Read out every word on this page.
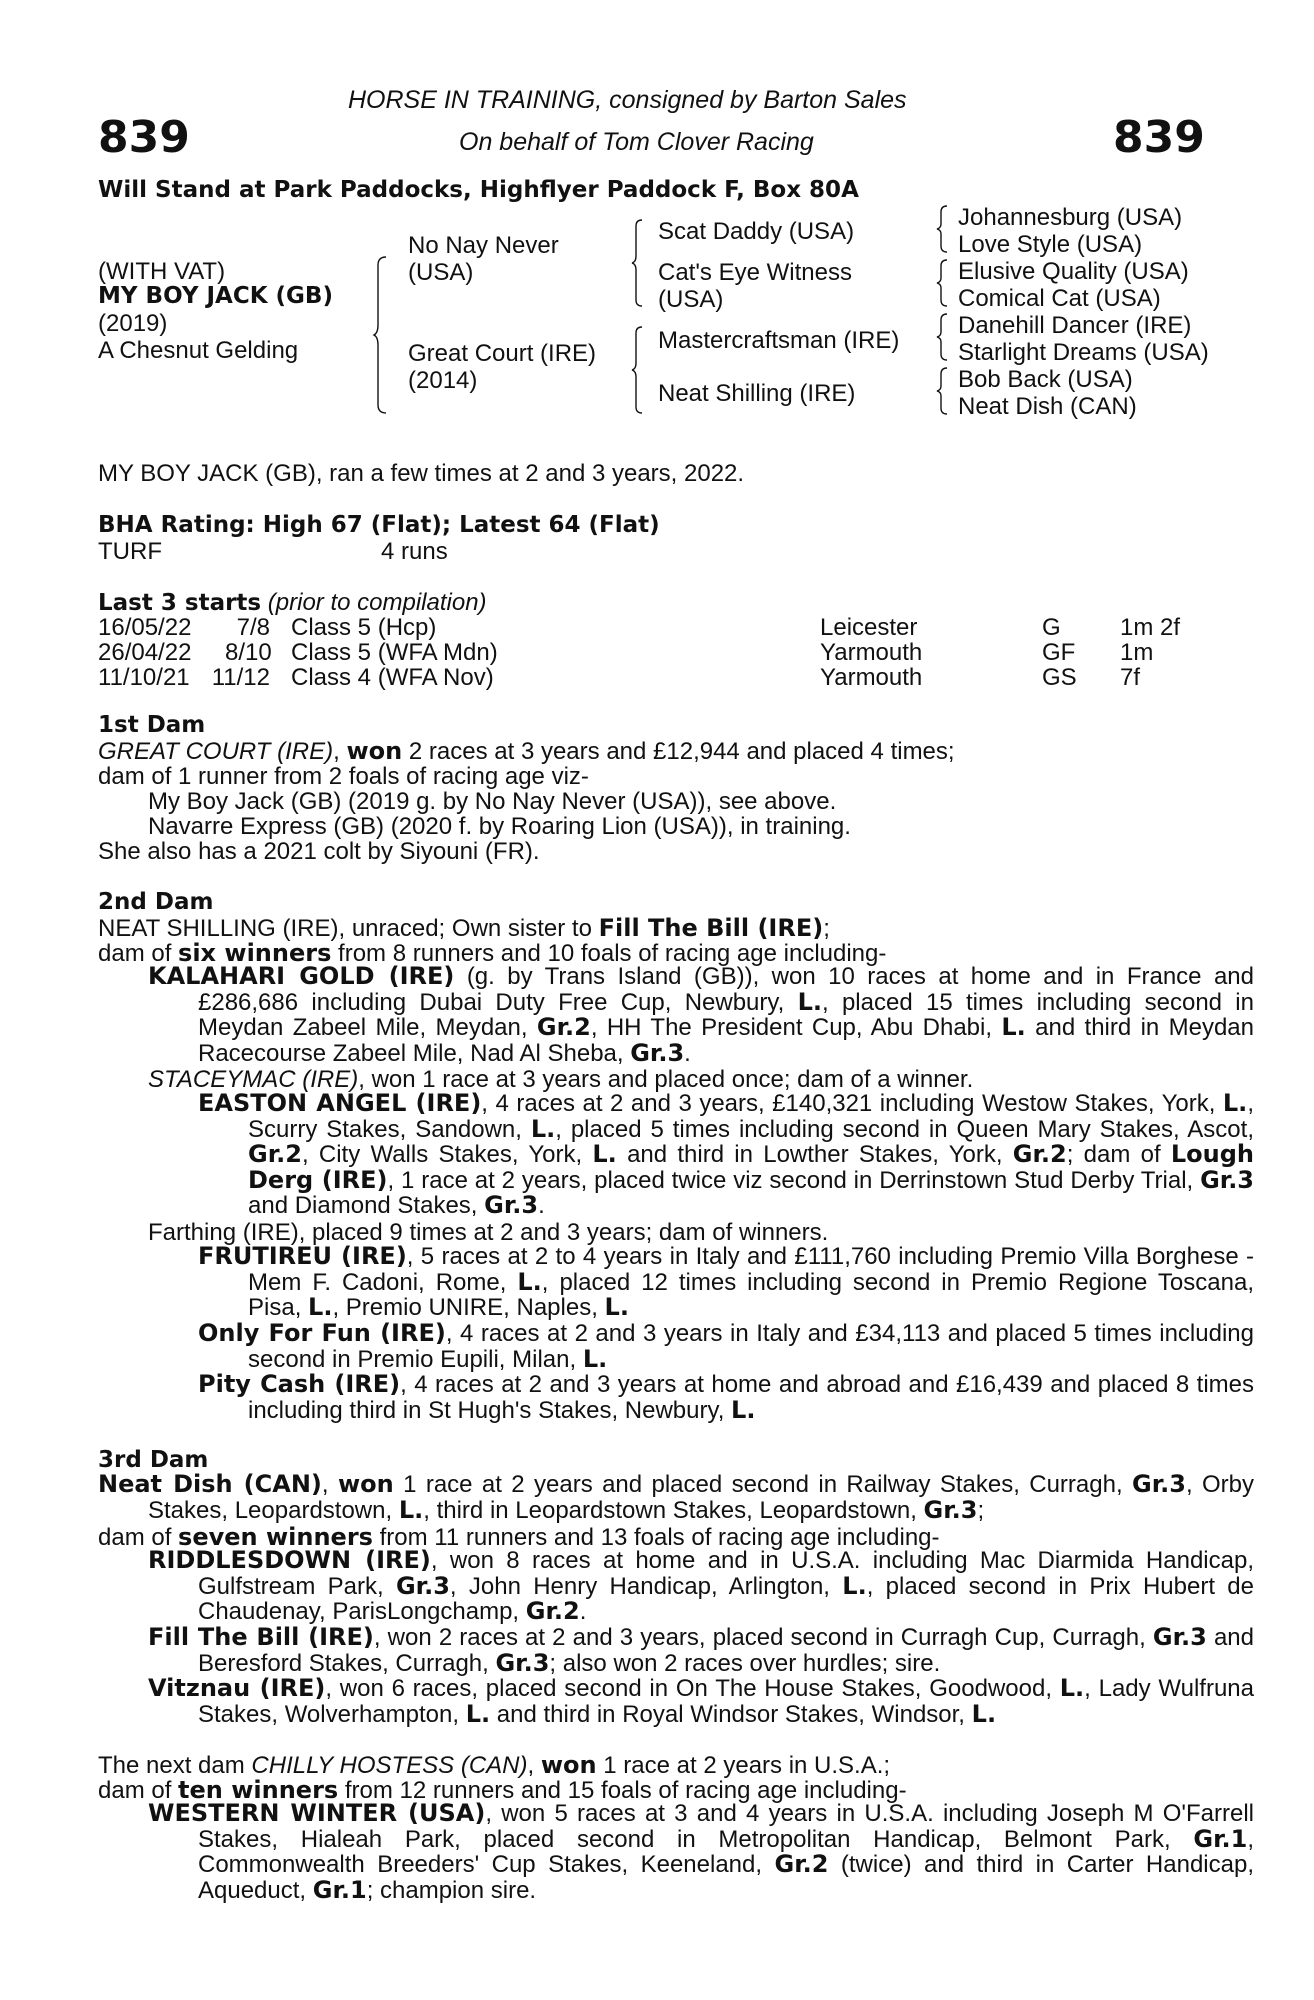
839	839
HORSE IN TRAINING, consigned by Barton Sales
On behalf of Tom Clover Racing
Will Stand at Park Paddocks, Highflyer Paddock F, Box 80A
(WITH VAT)
MY BOY JACK (GB)
(2019)
A Chesnut Gelding
No Nay Never
(USA)
Great Court (IRE)
(2014)
Scat Daddy (USA)
Cat's Eye Witness
(USA)
Mastercraftsman (IRE)
Neat Shilling (IRE)
Johannesburg (USA)
Love Style (USA)
Elusive Quality (USA)
Comical Cat (USA)
Danehill Dancer (IRE)
Starlight Dreams (USA)
Bob Back (USA)
Neat Dish (CAN)
MY BOY JACK (GB), ran a few times at 2 and 3 years, 2022.
BHA Rating: High 67 (Flat); Latest 64 (Flat)
TURF	4 runs
Last 3 starts (prior to compilation)
16/05/22	7/8 Class 5 (Hcp)	Leicester	G 1m 2f
26/04/22 8/10 Class 5 (WFA Mdn)	Yarmouth	GF 1m
11/10/21 11/12 Class 4 (WFA Nov)	Yarmouth	GS 7f
1st Dam
GREAT COURT (IRE), won 2 races at 3 years and £12,944 and placed 4 times;
dam of 1 runner from 2 foals of racing age viz-
My Boy Jack (GB) (2019 g. by No Nay Never (USA)), see above.
Navarre Express (GB) (2020 f. by Roaring Lion (USA)), in training.
She also has a 2021 colt by Siyouni (FR).
2nd Dam
NEAT SHILLING (IRE), unraced; Own sister to Fill The Bill (IRE);
dam of six winners from 8 runners and 10 foals of racing age including-
KALAHARI GOLD (IRE) (g. by Trans Island (GB)), won 10 races at home and in France and £286,686 including Dubai Duty Free Cup, Newbury, L., placed 15 times including second in Meydan Zabeel Mile, Meydan, Gr.2, HH The President Cup, Abu Dhabi, L. and third in Meydan Racecourse Zabeel Mile, Nad Al Sheba, Gr.3.
STACEYMAC (IRE), won 1 race at 3 years and placed once; dam of a winner.
EASTON ANGEL (IRE), 4 races at 2 and 3 years, £140,321 including Westow Stakes, York, L., Scurry Stakes, Sandown, L., placed 5 times including second in Queen Mary Stakes, Ascot, Gr.2, City Walls Stakes, York, L. and third in Lowther Stakes, York, Gr.2; dam of Lough Derg (IRE), 1 race at 2 years, placed twice viz second in Derrinstown Stud Derby Trial, Gr.3 and Diamond Stakes, Gr.3.
Farthing (IRE), placed 9 times at 2 and 3 years; dam of winners.
FRUTIREU (IRE), 5 races at 2 to 4 years in Italy and £111,760 including Premio Villa Borghese - Mem F. Cadoni, Rome, L., placed 12 times including second in Premio Regione Toscana, Pisa, L., Premio UNIRE, Naples, L.
Only For Fun (IRE), 4 races at 2 and 3 years in Italy and £34,113 and placed 5 times including second in Premio Eupili, Milan, L.
Pity Cash (IRE), 4 races at 2 and 3 years at home and abroad and £16,439 and placed 8 times including third in St Hugh's Stakes, Newbury, L.
3rd Dam
Neat Dish (CAN), won 1 race at 2 years and placed second in Railway Stakes, Curragh, Gr.3, Orby Stakes, Leopardstown, L., third in Leopardstown Stakes, Leopardstown, Gr.3;
dam of seven winners from 11 runners and 13 foals of racing age including-
RIDDLESDOWN (IRE), won 8 races at home and in U.S.A. including Mac Diarmida Handicap, Gulfstream Park, Gr.3, John Henry Handicap, Arlington, L., placed second in Prix Hubert de Chaudenay, ParisLongchamp, Gr.2.
Fill The Bill (IRE), won 2 races at 2 and 3 years, placed second in Curragh Cup, Curragh, Gr.3 and Beresford Stakes, Curragh, Gr.3; also won 2 races over hurdles; sire.
Vitznau (IRE), won 6 races, placed second in On The House Stakes, Goodwood, L., Lady Wulfruna Stakes, Wolverhampton, L. and third in Royal Windsor Stakes, Windsor, L.
The next dam CHILLY HOSTESS (CAN), won 1 race at 2 years in U.S.A.;
dam of ten winners from 12 runners and 15 foals of racing age including-
WESTERN WINTER (USA), won 5 races at 3 and 4 years in U.S.A. including Joseph M O'Farrell Stakes, Hialeah Park, placed second in Metropolitan Handicap, Belmont Park, Gr.1, Commonwealth Breeders' Cup Stakes, Keeneland, Gr.2 (twice) and third in Carter Handicap, Aqueduct, Gr.1; champion sire.
